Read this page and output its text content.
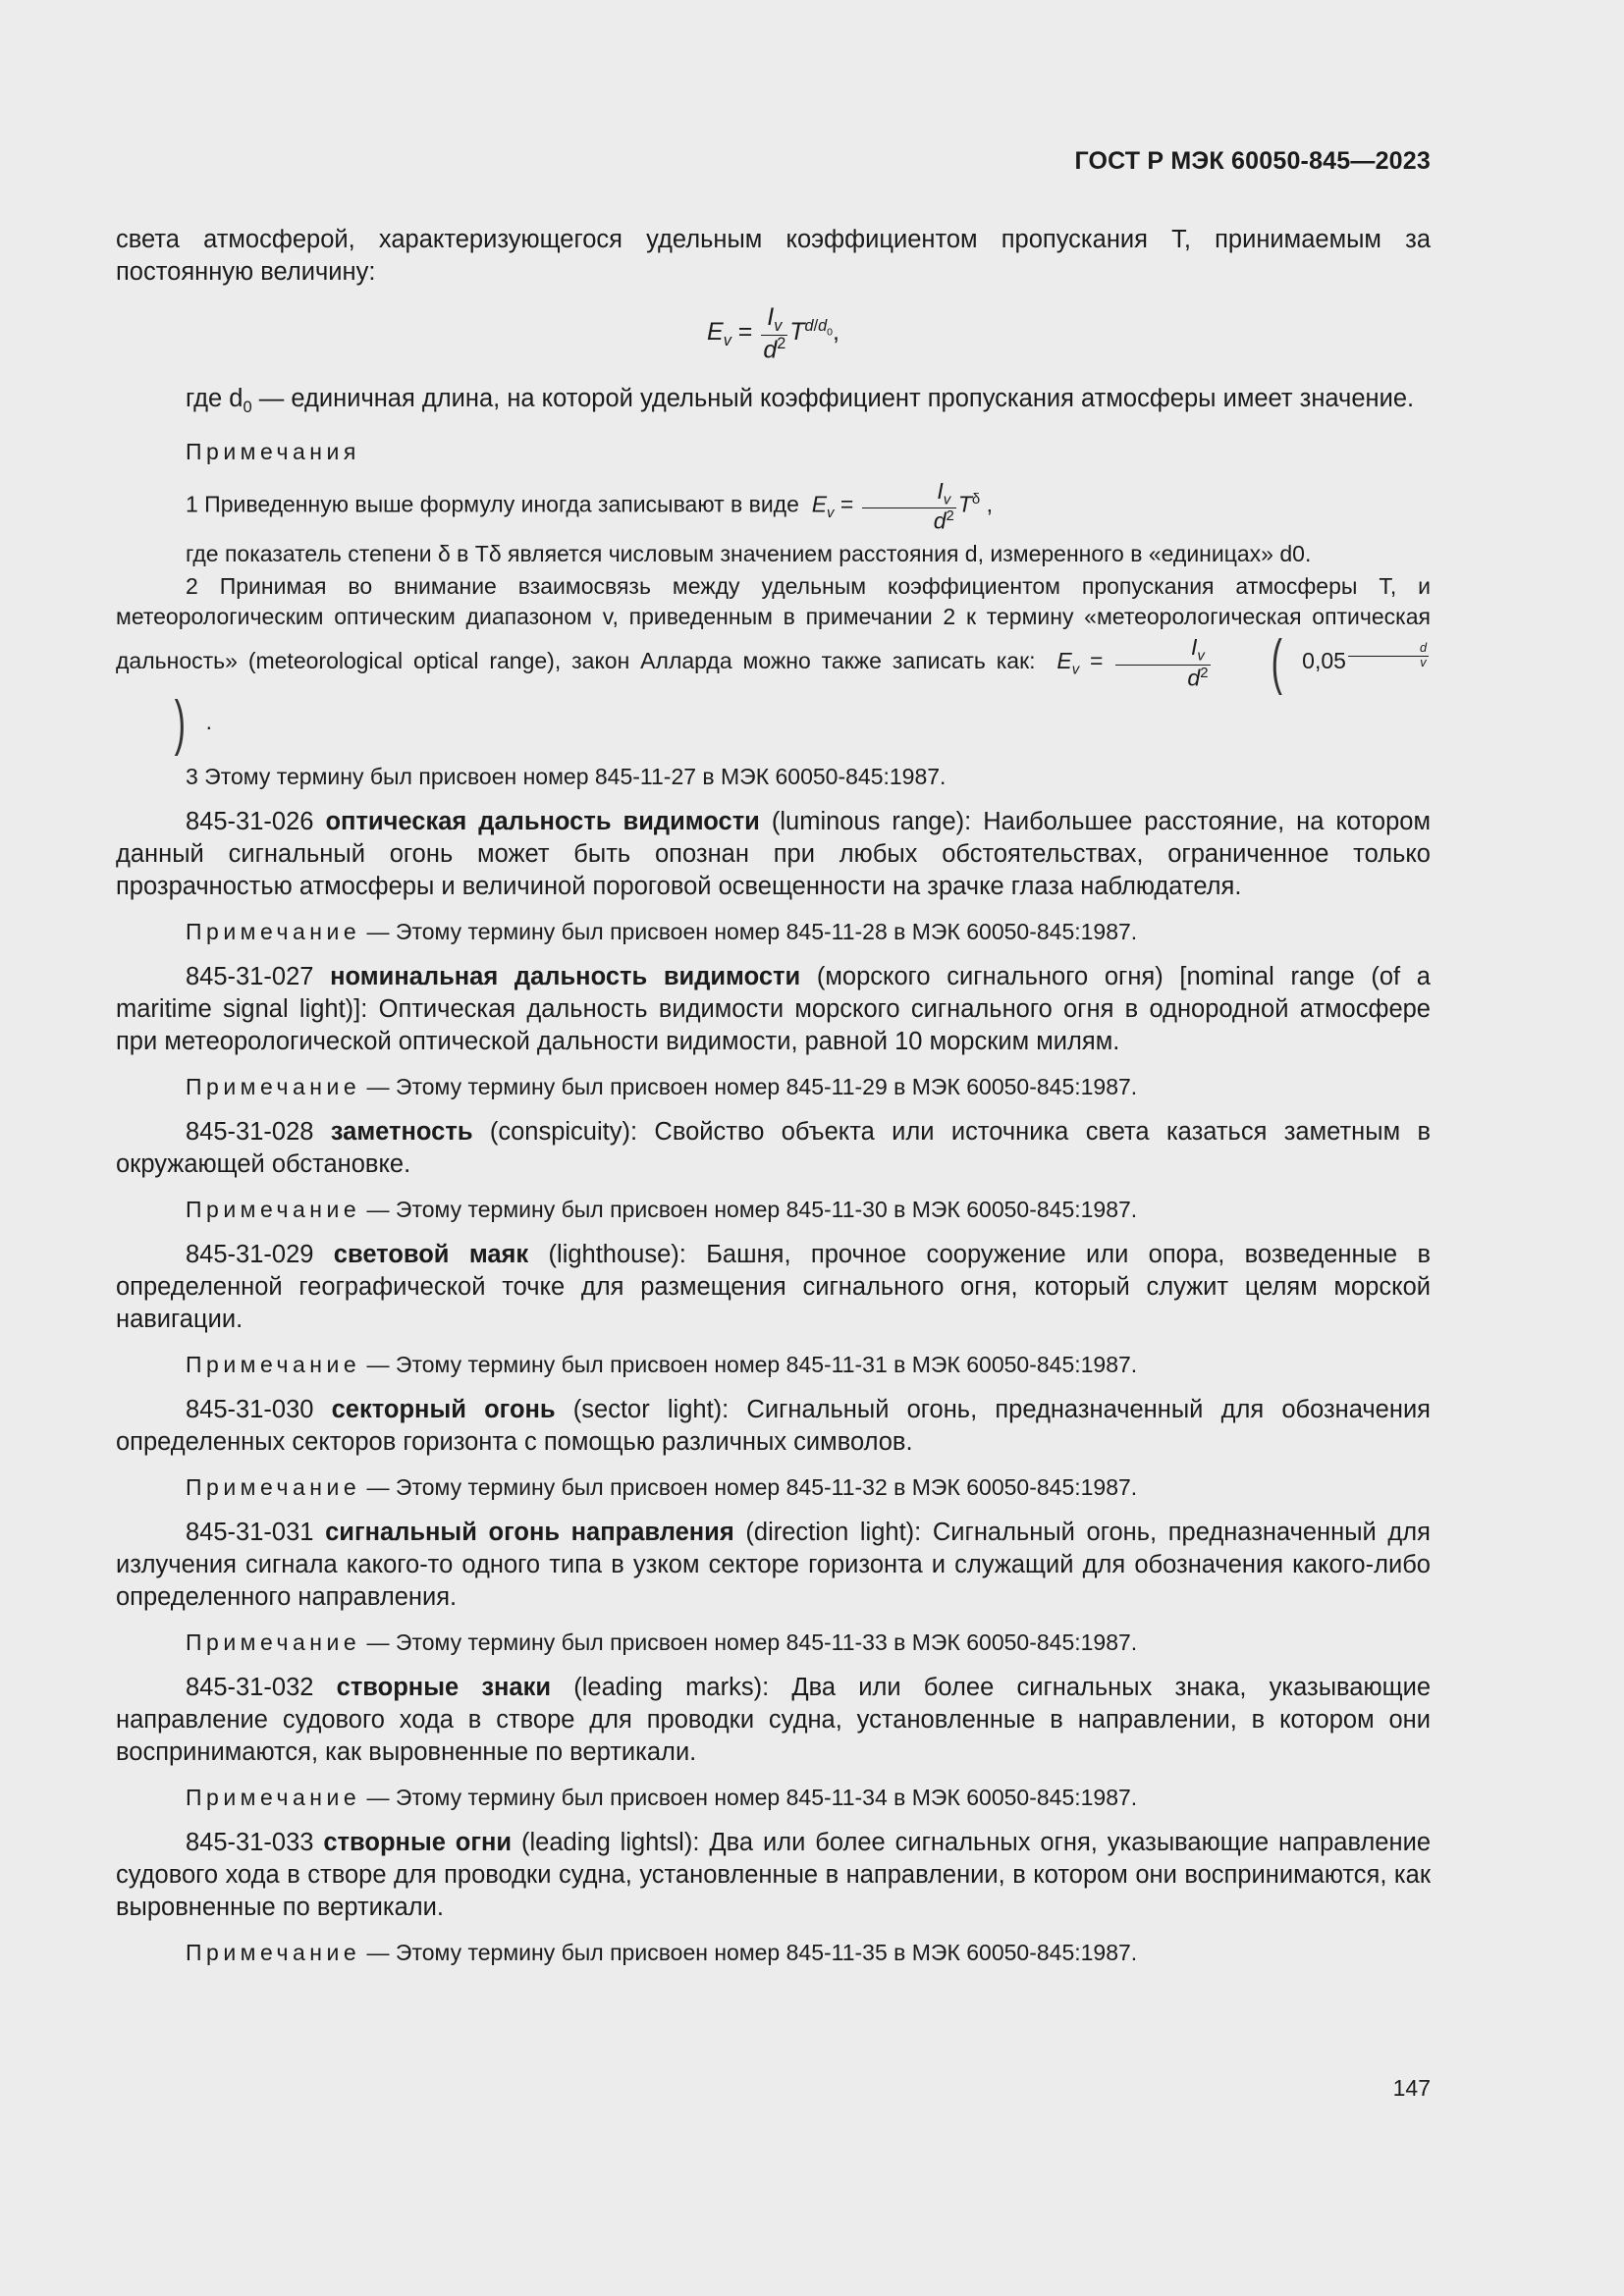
ГОСТ Р МЭК 60050-845—2023

света атмосферой, характеризующегося удельным коэффициентом пропускания T, принимаемым за постоянную величину:

$E_v = \frac{I_v}{d^2} T^{d/d_0}$,

где $d_0$ — единичная длина, на которой удельный коэффициент пропускания атмосферы имеет значение.

Примечания

1 Приведенную выше формулу иногда записывают в виде $E_v = \frac{I_v}{d^2} T^\delta$ ,

где показатель степени δ в Tδ является числовым значением расстояния d, измеренного в «единицах» d0.

2 Принимая во внимание взаимосвязь между удельным коэффициентом пропускания атмосферы T, и метеорологическим оптическим диапазоном v, приведенным в примечании 2 к термину «метеорологическая оптическая дальность» (meteorological optical range), закон Алларда можно также записать как: $E_v = \frac{I_v}{d^2}$ ( 0,05 $^{\frac{d}{v}}$
) .

3 Этому термину был присвоен номер 845-11-27 в МЭК 60050-845:1987.

845-31-026 оптическая дальность видимости (luminous range): Наибольшее расстояние, на котором данный сигнальный огонь может быть опознан при любых обстоятельствах, ограниченное только прозрачностью атмосферы и величиной пороговой освещенности на зрачке глаза наблюдателя.

Примечание — Этому термину был присвоен номер 845-11-28 в МЭК 60050-845:1987.

845-31-027 номинальная дальность видимости (морского сигнального огня) [nominal range (of a maritime signal light)]: Оптическая дальность видимости морского сигнального огня в однородной атмосфере при метеорологической оптической дальности видимости, равной 10 морским милям.

Примечание — Этому термину был присвоен номер 845-11-29 в МЭК 60050-845:1987.

845-31-028 заметность (conspicuity): Свойство объекта или источника света казаться заметным в окружающей обстановке.

Примечание — Этому термину был присвоен номер 845-11-30 в МЭК 60050-845:1987.

845-31-029 световой маяк (lighthouse): Башня, прочное сооружение или опора, возведенные в определенной географической точке для размещения сигнального огня, который служит целям морской навигации.

Примечание — Этому термину был присвоен номер 845-11-31 в МЭК 60050-845:1987.

845-31-030 секторный огонь (sector light): Сигнальный огонь, предназначенный для обозначения определенных секторов горизонта с помощью различных символов.

Примечание — Этому термину был присвоен номер 845-11-32 в МЭК 60050-845:1987.

845-31-031 сигнальный огонь направления (direction light): Сигнальный огонь, предназначенный для излучения сигнала какого-то одного типа в узком секторе горизонта и служащий для обозначения какого-либо определенного направления.

Примечание — Этому термину был присвоен номер 845-11-33 в МЭК 60050-845:1987.

845-31-032 створные знаки (leading marks): Два или более сигнальных знака, указывающие направление судового хода в створе для проводки судна, установленные в направлении, в котором они воспринимаются, как выровненные по вертикали.

Примечание — Этому термину был присвоен номер 845-11-34 в МЭК 60050-845:1987.

845-31-033 створные огни (leading lightsl): Два или более сигнальных огня, указывающие направление судового хода в створе для проводки судна, установленные в направлении, в котором они воспринимаются, как выровненные по вертикали.

Примечание — Этому термину был присвоен номер 845-11-35 в МЭК 60050-845:1987.

147
